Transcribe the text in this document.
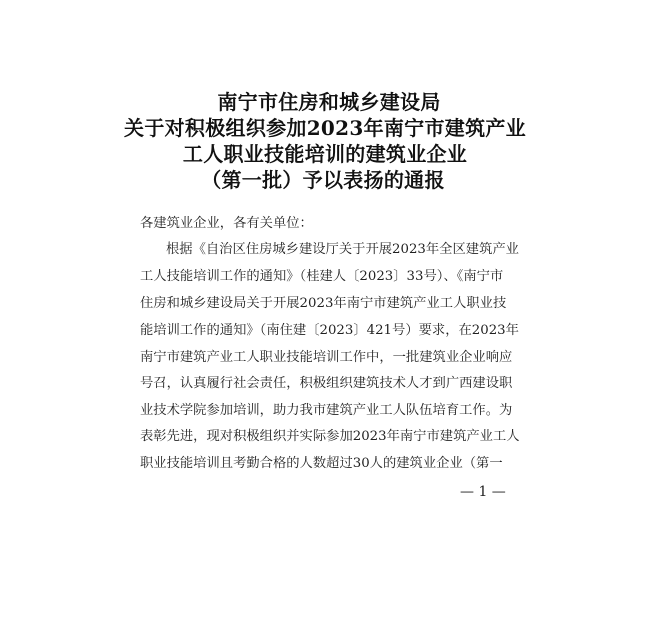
南宁市住房和城乡建设局
关于对积极组织参加2023年南宁市建筑产业
工人职业技能培训的建筑业企业
（第一批）予以表扬的通报
各建筑业企业，各有关单位：
根据《自治区住房城乡建设厅关于开展2023年全区建筑产业
工人技能培训工作的通知》（桂建人〔2023〕33号）、《南宁市
住房和城乡建设局关于开展2023年南宁市建筑产业工人职业技
能培训工作的通知》（南住建〔2023〕421号）要求，在2023年
南宁市建筑产业工人职业技能培训工作中，一批建筑业企业响应
号召，认真履行社会责任，积极组织建筑技术人才到广西建设职
业技术学院参加培训，助力我市建筑产业工人队伍培育工作。为
表彰先进，现对积极组织并实际参加2023年南宁市建筑产业工人
职业技能培训且考勤合格的人数超过30人的建筑业企业（第一
— 1 —
